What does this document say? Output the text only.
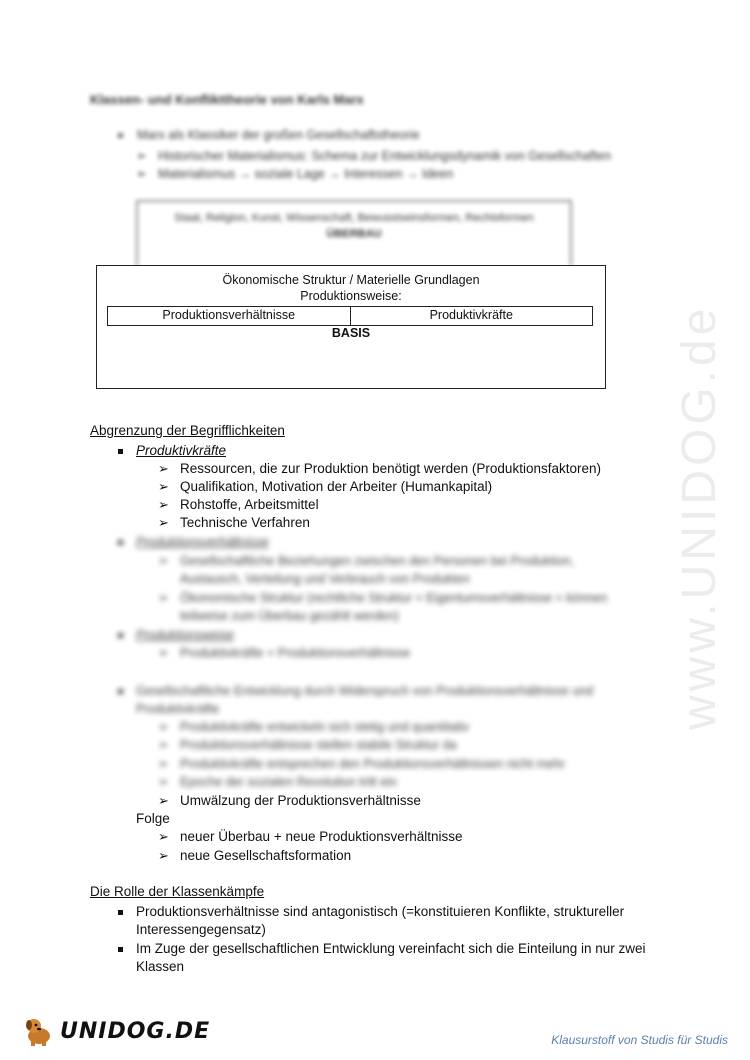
Klassen- und Konflikttheorie von Karls Marx
Marx als Klassiker der großen Gesellschaftstheorie
➢ Historischer Materialismus: Schema zur Entwicklungsdynamik von Gesellschaften
➢ Materialismus → soziale Lage → Interessen → Ideen
Staat, Religion, Kunst, Wissenschaft, Bewusstseinsformen, Rechtsformen
ÜBERBAU
Ökonomische Struktur / Materielle Grundlagen
Produktionsweise:
Produktionsverhältnisse	Produktivkräfte
BASIS
Abgrenzung der Begrifflichkeiten
Produktivkräfte
➢ Ressourcen, die zur Produktion benötigt werden (Produktionsfaktoren)
➢ Qualifikation, Motivation der Arbeiter (Humankapital)
➢ Rohstoffe, Arbeitsmittel
➢ Technische Verfahren
Produktionsverhältnisse
➢ Gesellschaftliche Beziehungen zwischen den Personen bei Produktion,
Austausch, Verteilung und Verbrauch von Produkten
➢ Ökonomische Struktur (rechtliche Struktur = Eigentumsverhältnisse = können
teilweise zum Überbau gezählt werden)
Produktionsweise
➢ Produktivkräfte + Produktionsverhältnisse
Gesellschaftliche Entwicklung durch Widerspruch von Produktionsverhältnisse und
Produktivkräfte
➢ Produktivkräfte entwickeln sich stetig und quantitativ
➢ Produktionsverhältnisse stellen stabile Struktur da
➢ Produktivkräfte entsprechen den Produktionsverhältnissen nicht mehr
➢ Epoche der sozialen Revolution tritt ein
➢ Umwälzung der Produktionsverhältnisse
Folge
➢ neuer Überbau + neue Produktionsverhältnisse
➢ neue Gesellschaftsformation
Die Rolle der Klassenkämpfe
Produktionsverhältnisse sind antagonistisch (=konstituieren Konflikte, struktureller
Interessengegensatz)
Im Zuge der gesellschaftlichen Entwicklung vereinfacht sich die Einteilung in nur zwei
Klassen
www.UNIDOG.de
UNIDOG.DE	Klausurstoff von Studis für Studis
